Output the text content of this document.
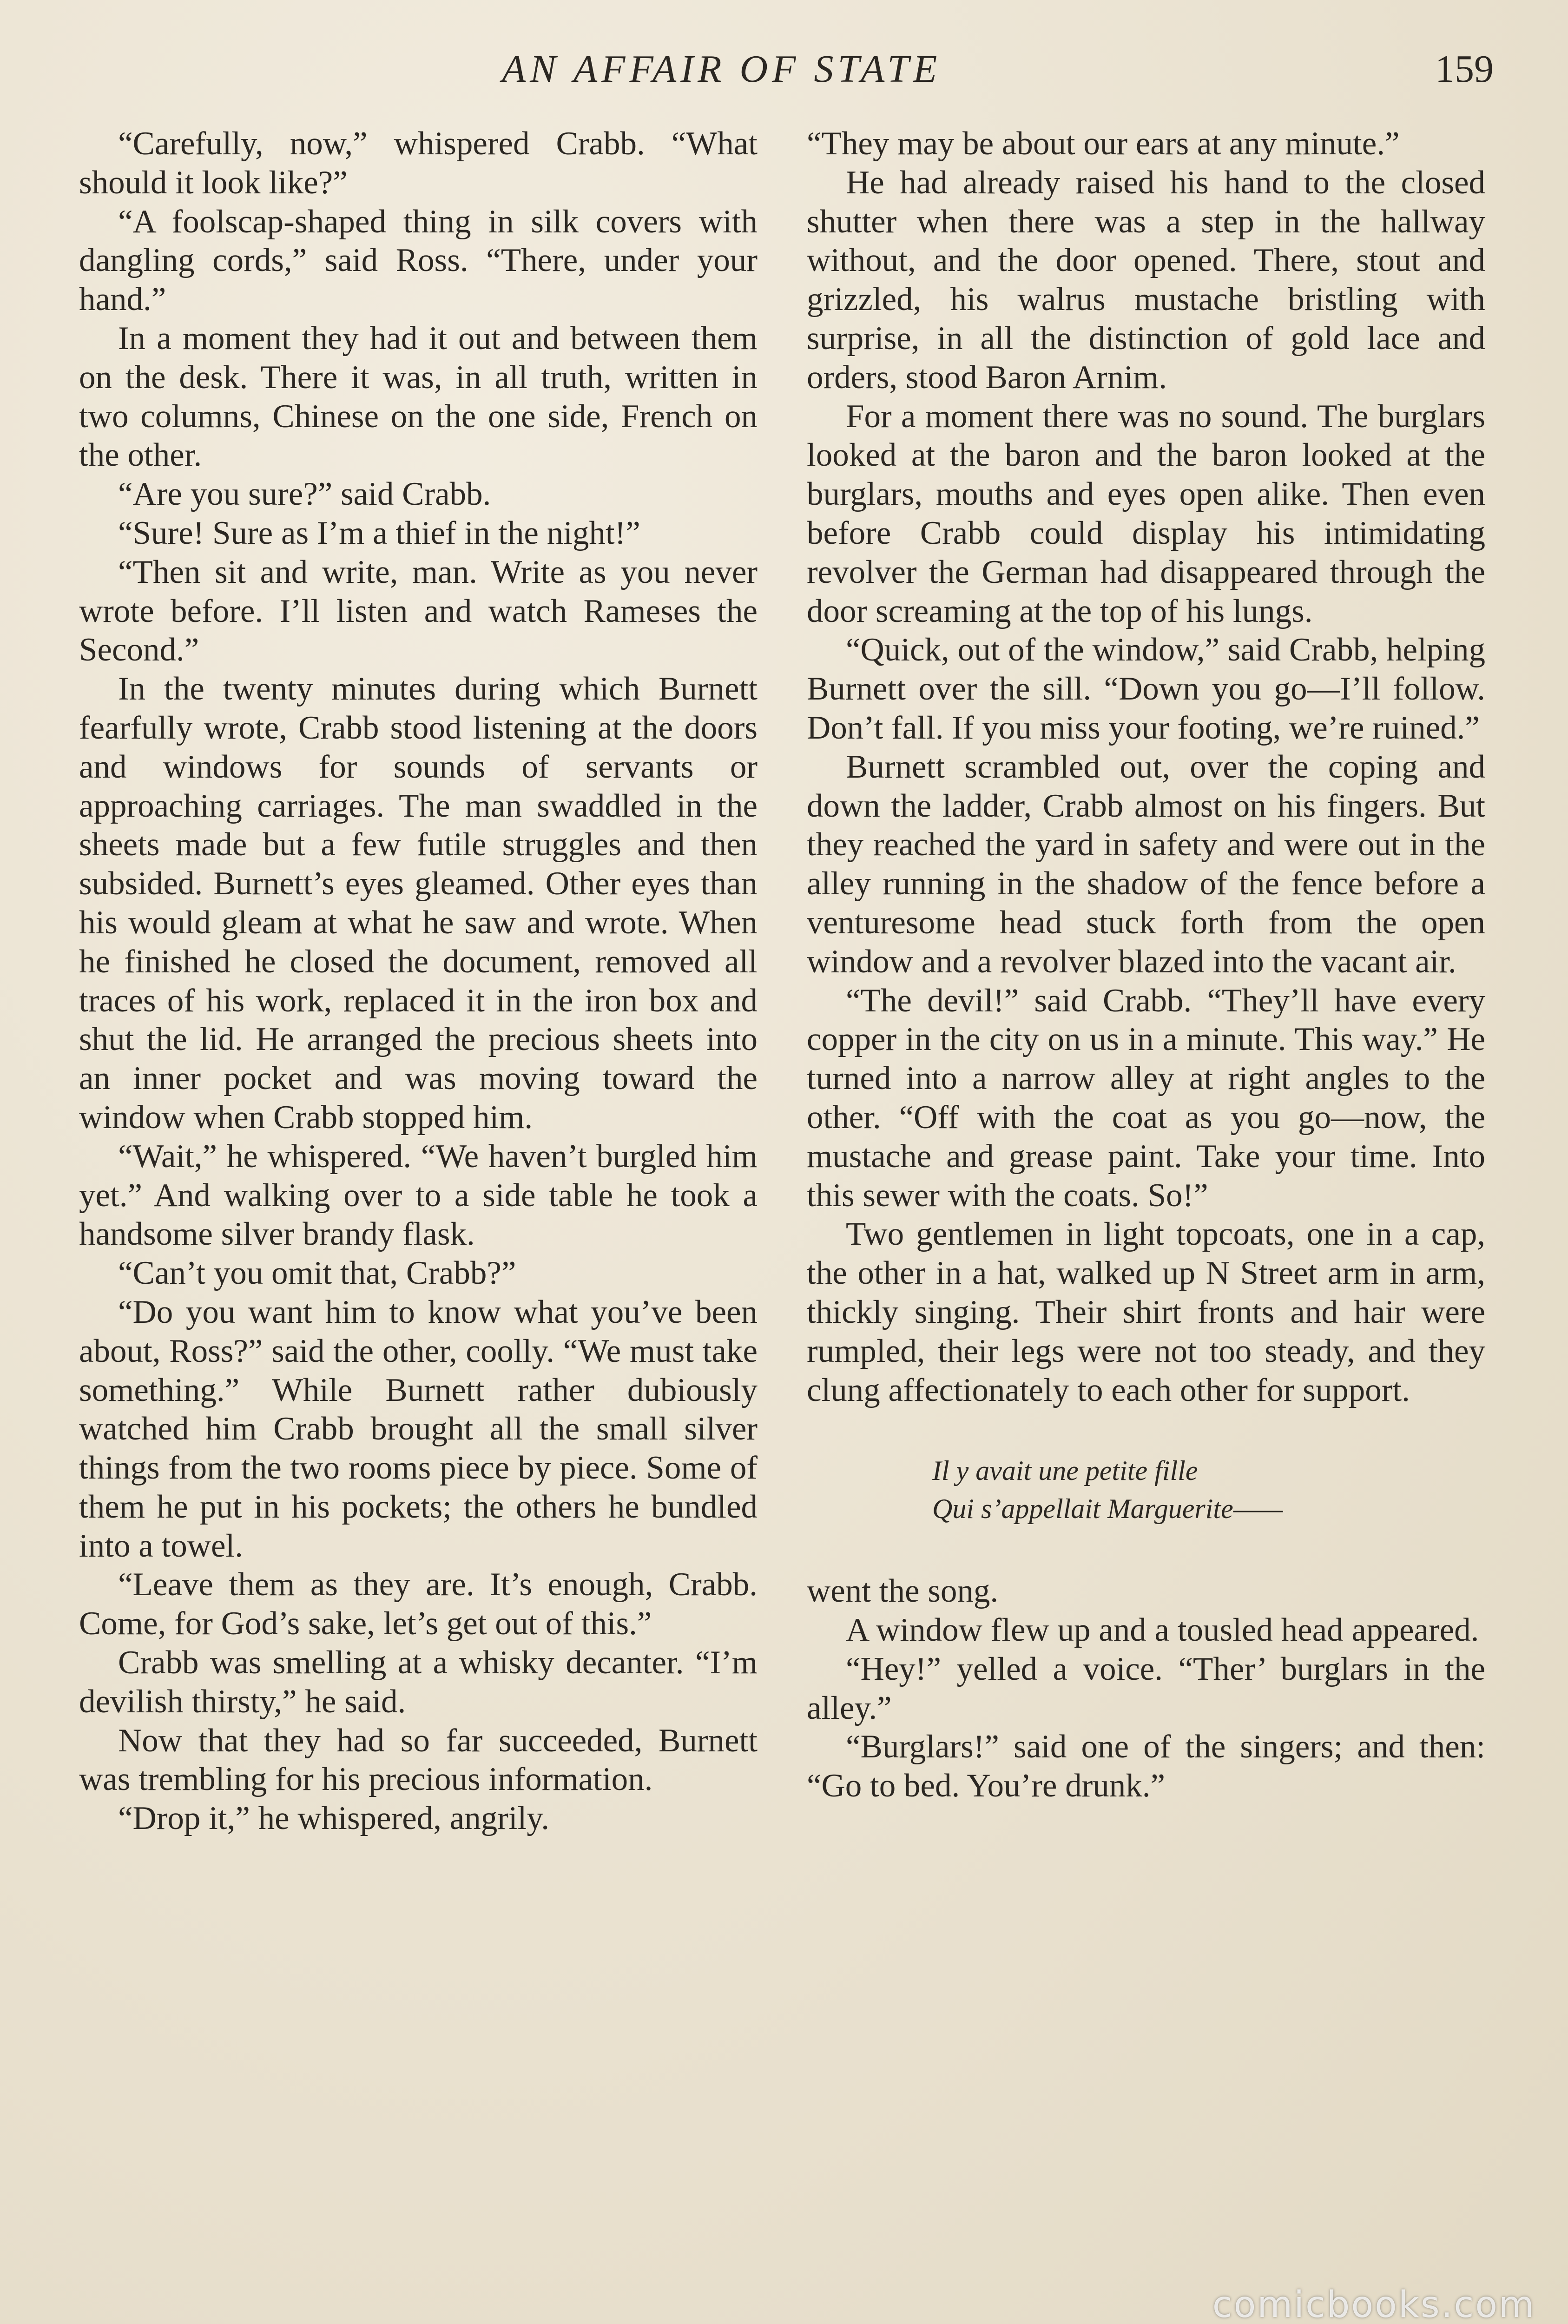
AN AFFAIR OF STATE	159

“Carefully, now,” whispered Crabb. “What should it look like?”

“A foolscap-shaped thing in silk covers with dangling cords,” said Ross. “There, under your hand.”

In a moment they had it out and between them on the desk. There it was, in all truth, written in two columns, Chinese on the one side, French on the other.

“Are you sure?” said Crabb.

“Sure! Sure as I’m a thief in the night!”

“Then sit and write, man. Write as you never wrote before. I’ll listen and watch Rameses the Second.”

In the twenty minutes during which Burnett fearfully wrote, Crabb stood listening at the doors and windows for sounds of servants or approaching carriages. The man swaddled in the sheets made but a few futile struggles and then subsided. Burnett’s eyes gleamed. Other eyes than his would gleam at what he saw and wrote. When he finished he closed the document, removed all traces of his work, replaced it in the iron box and shut the lid. He arranged the precious sheets into an inner pocket and was moving toward the window when Crabb stopped him.

“Wait,” he whispered. “We haven’t burgled him yet.” And walking over to a side table he took a handsome silver brandy flask.

“Can’t you omit that, Crabb?”

“Do you want him to know what you’ve been about, Ross?” said the other, coolly. “We must take something.” While Burnett rather dubiously watched him Crabb brought all the small silver things from the two rooms piece by piece. Some of them he put in his pockets; the others he bundled into a towel.

“Leave them as they are. It’s enough, Crabb. Come, for God’s sake, let’s get out of this.”

Crabb was smelling at a whisky decanter. “I’m devilish thirsty,” he said.

Now that they had so far succeeded, Burnett was trembling for his precious information.

“Drop it,” he whispered, angrily.

“They may be about our ears at any minute.”

He had already raised his hand to the closed shutter when there was a step in the hallway without, and the door opened. There, stout and grizzled, his walrus mustache bristling with surprise, in all the distinction of gold lace and orders, stood Baron Arnim.

For a moment there was no sound. The burglars looked at the baron and the baron looked at the burglars, mouths and eyes open alike. Then even before Crabb could display his intimidating revolver the German had disappeared through the door screaming at the top of his lungs.

“Quick, out of the window,” said Crabb, helping Burnett over the sill. “Down you go—I’ll follow. Don’t fall. If you miss your footing, we’re ruined.”

Burnett scrambled out, over the coping and down the ladder, Crabb almost on his fingers. But they reached the yard in safety and were out in the alley running in the shadow of the fence before a venturesome head stuck forth from the open window and a revolver blazed into the vacant air.

“The devil!” said Crabb. “They’ll have every copper in the city on us in a minute. This way.” He turned into a narrow alley at right angles to the other. “Off with the coat as you go—now, the mustache and grease paint. Take your time. Into this sewer with the coats. So!”

Two gentlemen in light topcoats, one in a cap, the other in a hat, walked up N Street arm in arm, thickly singing. Their shirt fronts and hair were rumpled, their legs were not too steady, and they clung affectionately to each other for support.

Il y avait une petite fille
Qui s’appellait Marguerite——

went the song.

A window flew up and a tousled head appeared.

“Hey!” yelled a voice. “Ther’ burglars in the alley.”

“Burglars!” said one of the singers; and then: “Go to bed. You’re drunk.”

comicbooks.com
